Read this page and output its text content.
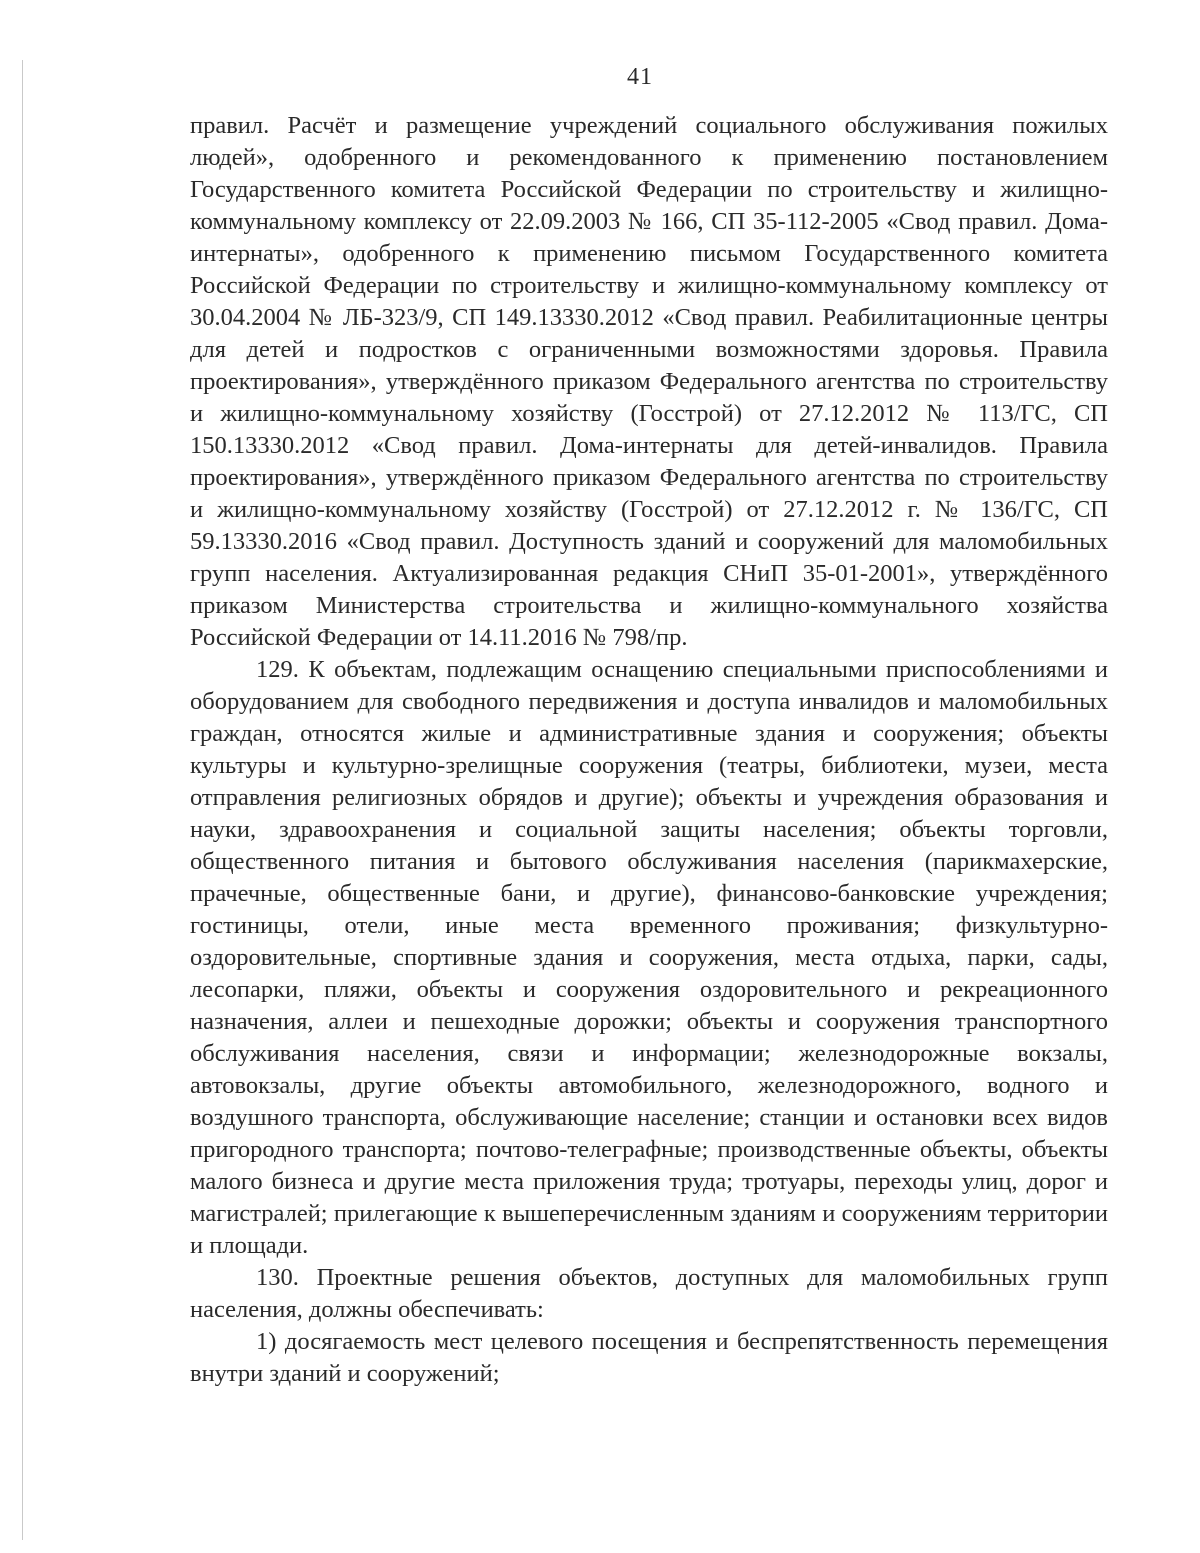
41

правил. Расчёт и размещение учреждений социального обслуживания пожилых людей», одобренного и рекомендованного к применению постановлением Государственного комитета Российской Федерации по строительству и жилищно-коммунальному комплексу от 22.09.2003 № 166, СП 35-112-2005 «Свод правил. Дома-интернаты», одобренного к применению письмом Государственного комитета Российской Федерации по строительству и жилищно-коммунальному комплексу от 30.04.2004 № ЛБ-323/9, СП 149.13330.2012 «Свод правил. Реабилитационные центры для детей и подростков с ограниченными возможностями здоровья. Правила проектирования», утверждённого приказом Федерального агентства по строительству и жилищно-коммунальному хозяйству (Госстрой) от 27.12.2012 № 113/ГС, СП 150.13330.2012 «Свод правил. Дома-интернаты для детей-инвалидов. Правила проектирования», утверждённого приказом Федерального агентства по строительству и жилищно-коммунальному хозяйству (Госстрой) от 27.12.2012 г. № 136/ГС, СП 59.13330.2016 «Свод правил. Доступность зданий и сооружений для маломобильных групп населения. Актуализированная редакция СНиП 35-01-2001», утверждённого приказом Министерства строительства и жилищно-коммунального хозяйства Российской Федерации от 14.11.2016 № 798/пр.

129. К объектам, подлежащим оснащению специальными приспособлениями и оборудованием для свободного передвижения и доступа инвалидов и маломобильных граждан, относятся жилые и административные здания и сооружения; объекты культуры и культурно-зрелищные сооружения (театры, библиотеки, музеи, места отправления религиозных обрядов и другие); объекты и учреждения образования и науки, здравоохранения и социальной защиты населения; объекты торговли, общественного питания и бытового обслуживания населения (парикмахерские, прачечные, общественные бани, и другие), финансово-банковские учреждения; гостиницы, отели, иные места временного проживания; физкультурно-оздоровительные, спортивные здания и сооружения, места отдыха, парки, сады, лесопарки, пляжи, объекты и сооружения оздоровительного и рекреационного назначения, аллеи и пешеходные дорожки; объекты и сооружения транспортного обслуживания населения, связи и информации; железнодорожные вокзалы, автовокзалы, другие объекты автомобильного, железнодорожного, водного и воздушного транспорта, обслуживающие население; станции и остановки всех видов пригородного транспорта; почтово-телеграфные; производственные объекты, объекты малого бизнеса и другие места приложения труда; тротуары, переходы улиц, дорог и магистралей; прилегающие к вышеперечисленным зданиям и сооружениям территории и площади.

130. Проектные решения объектов, доступных для маломобильных групп населения, должны обеспечивать:

1) досягаемость мест целевого посещения и беспрепятственность перемещения внутри зданий и сооружений;
